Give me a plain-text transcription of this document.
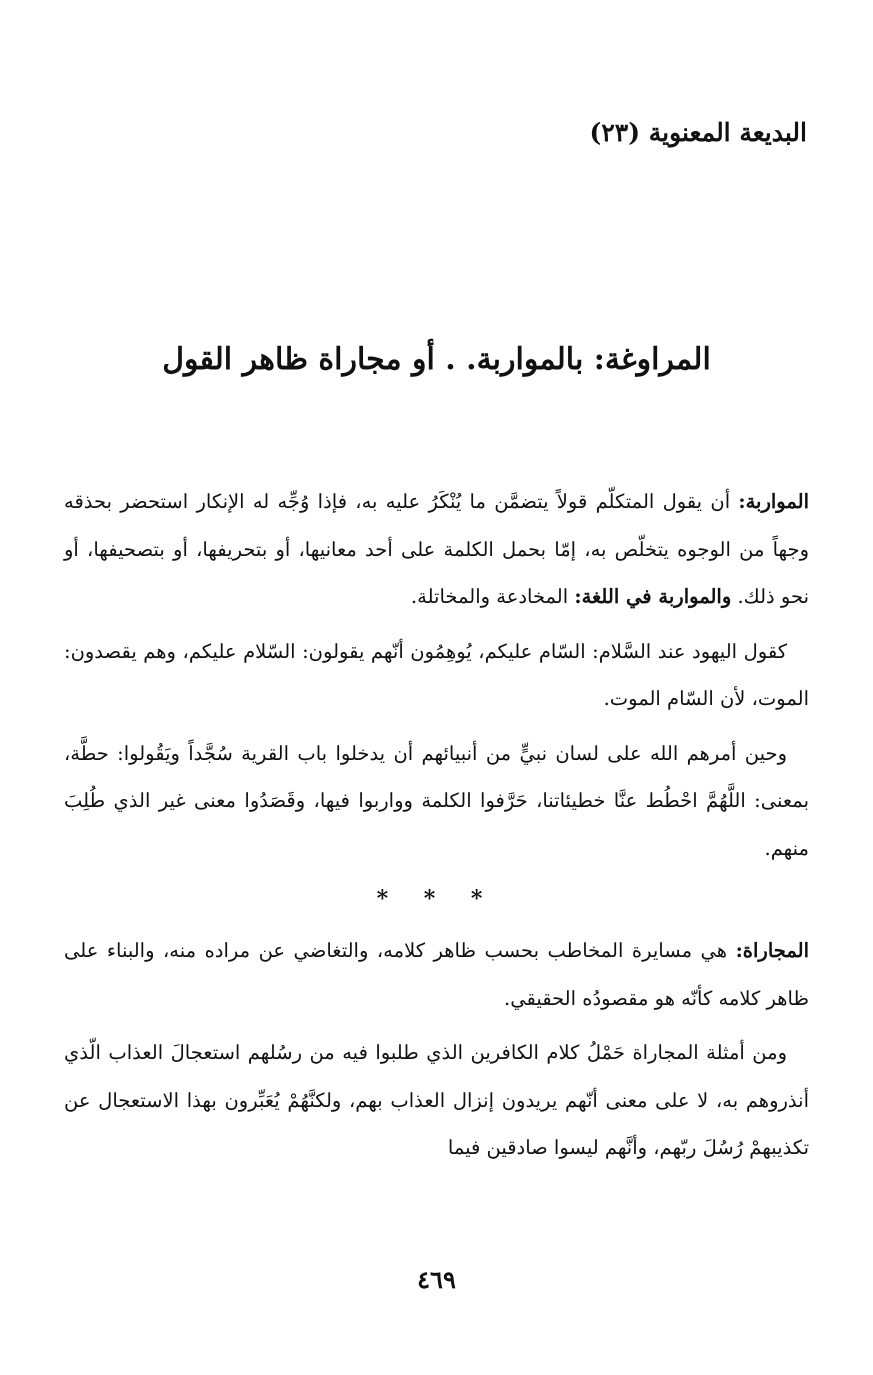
البديعة المعنوية (٢٣)
المراوغة: بالمواربة. . أو مجاراة ظاهر القول

المواربة: أن يقول المتكلّم قولاً يتضمَّن ما يُنْكَرُ عليه به، فإذا وُجِّه له الإنكار استحضر بحذقه وجهاً من الوجوه يتخلّص به، إمّا بحمل الكلمة على أحد معانيها، أو بتحريفها، أو بتصحيفها، أو نحو ذلك. والمواربة في اللغة: المخادعة والمخاتلة.

كقول اليهود عند السَّلام: السّام عليكم، يُوهِمُون أنّهم يقولون: السّلام عليكم، وهم يقصدون: الموت، لأن السّام الموت.

وحين أمرهم الله على لسان نبيٍّ من أنبيائهم أن يدخلوا باب القرية سُجَّداً ويَقُولوا: حطَّة، بمعنى: اللَّهُمَّ احْطُط عنَّا خطيئاتنا، حَرَّفوا الكلمة وواربوا فيها، وقَصَدُوا معنى غير الذي طُلِبَ منهم.

* * *

المجاراة: هي مسايرة المخاطب بحسب ظاهر كلامه، والتغاضي عن مراده منه، والبناء على ظاهر كلامه كأنّه هو مقصودُه الحقيقي.

ومن أمثلة المجاراة حَمْلُ كلام الكافرين الذي طلبوا فيه من رسُلهم استعجالَ العذاب الّذي أنذروهم به، لا على معنى أنّهم يريدون إنزال العذاب بهم، ولكنَّهُمْ يُعَبِّرون بهذا الاستعجال عن تكذيبهمْ رُسُلَ ربّهم، وأنَّهم ليسوا صادقين فيما

٤٦٩
